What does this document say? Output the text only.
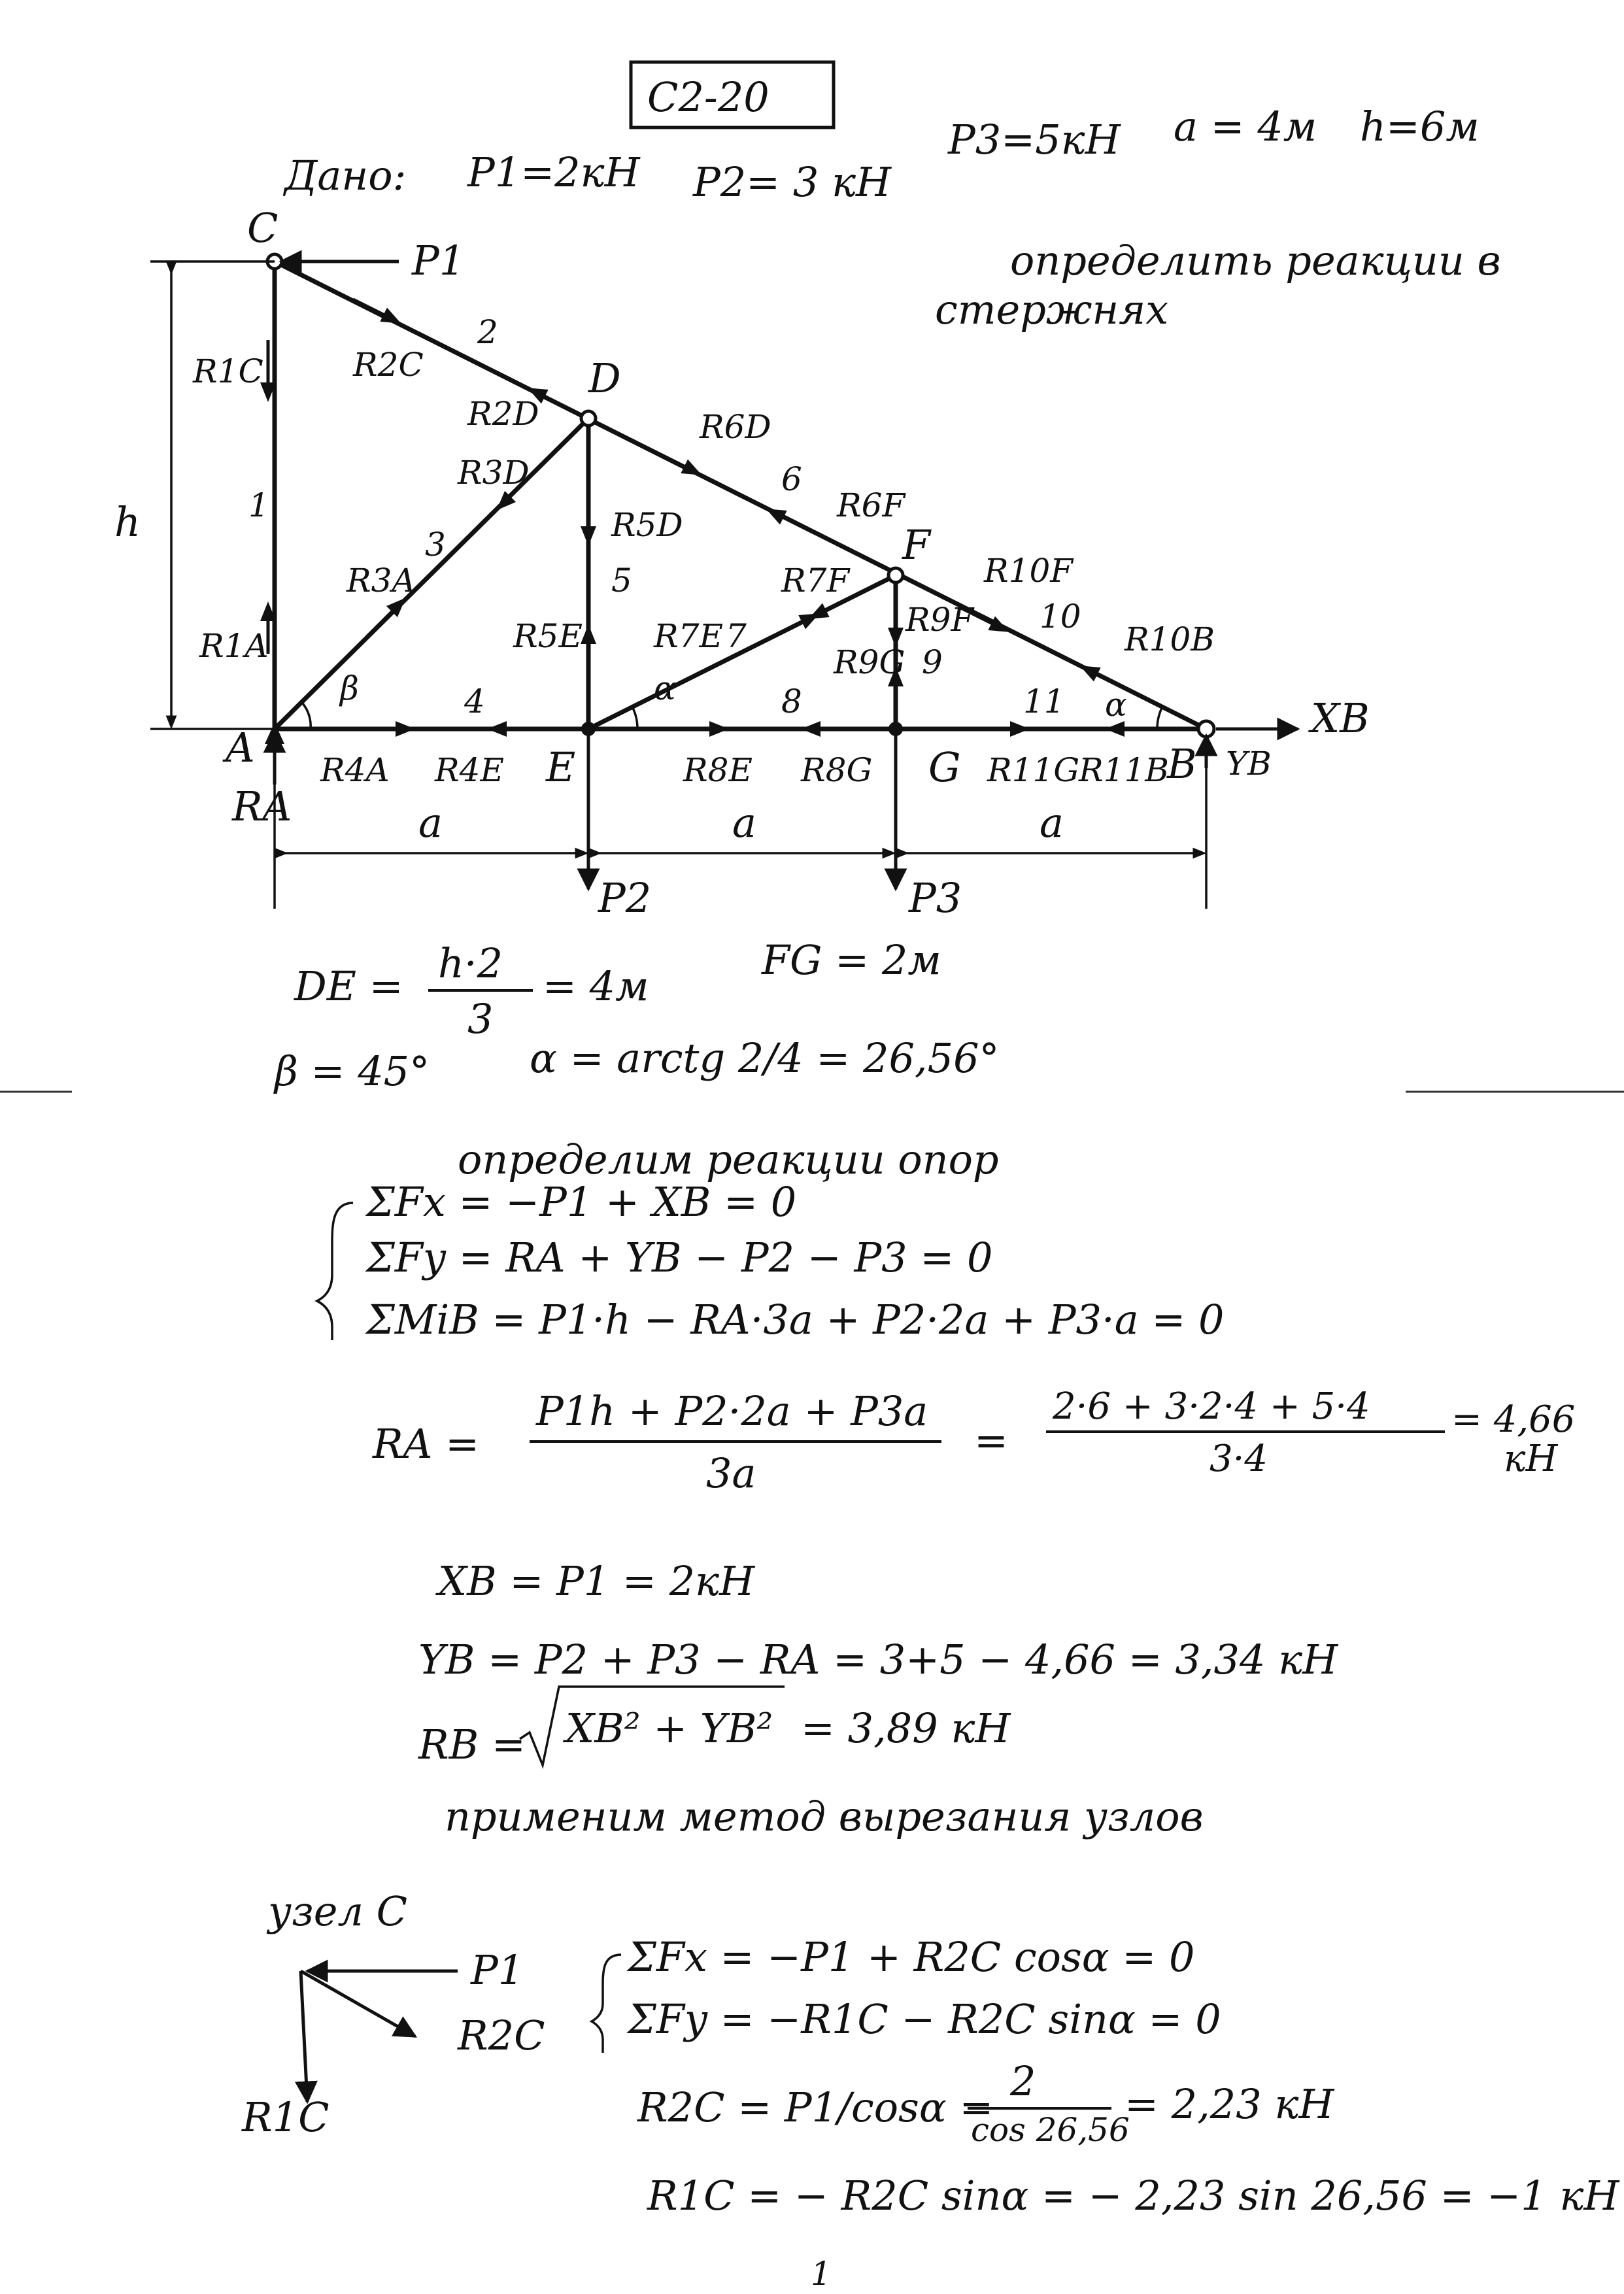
C2-20
Дано: P1=2кН P2= 3 кН
P3=5кН a = 4м h=6м
определить реакции в
стержнях
C
D
F
A	E	G	B
1
2
3
4
5
6
7
8
9
10
11
P1
P2	P3
RA
XB
YB
R1C
R1A
R2C
R2D
R3D
R3A
R4A R4E
R5D
R5E
R6D
R6F
R7F
R7E
R8E R8G
R9F
R9G
R10F
R10B
R11G
R11B
h
a	a	a
β	α	α
DE = h·2
3
= 4м
FG = 2м
β = 45° α = arctg 2/4 = 26,56°
определим реакции опор
ΣFx = −P1 + XB = 0
ΣFy = RA + YB − P2 − P3 = 0
ΣMiB = P1·h − RA·3a + P2·2a + P3·a = 0
RA =
P1h + P2·2a + P3a
3a
=
2·6 + 3·2·4 + 5·4
3·4
= 4,66
кН
XB = P1 = 2кН
YB = P2 + P3 − RA = 3+5 − 4,66 = 3,34 кН
RB = XB² + YB² = 3,89 кН
применим метод вырезания узлов
узел C
P1
R2C
R1C
ΣFx = −P1 + R2C cosα = 0
ΣFy = −R1C − R2C sinα = 0
R2C = P1/cosα =
2
cos 26,56
= 2,23 кН
R1C = − R2C sinα = − 2,23 sin 26,56 = −1 кН
1
